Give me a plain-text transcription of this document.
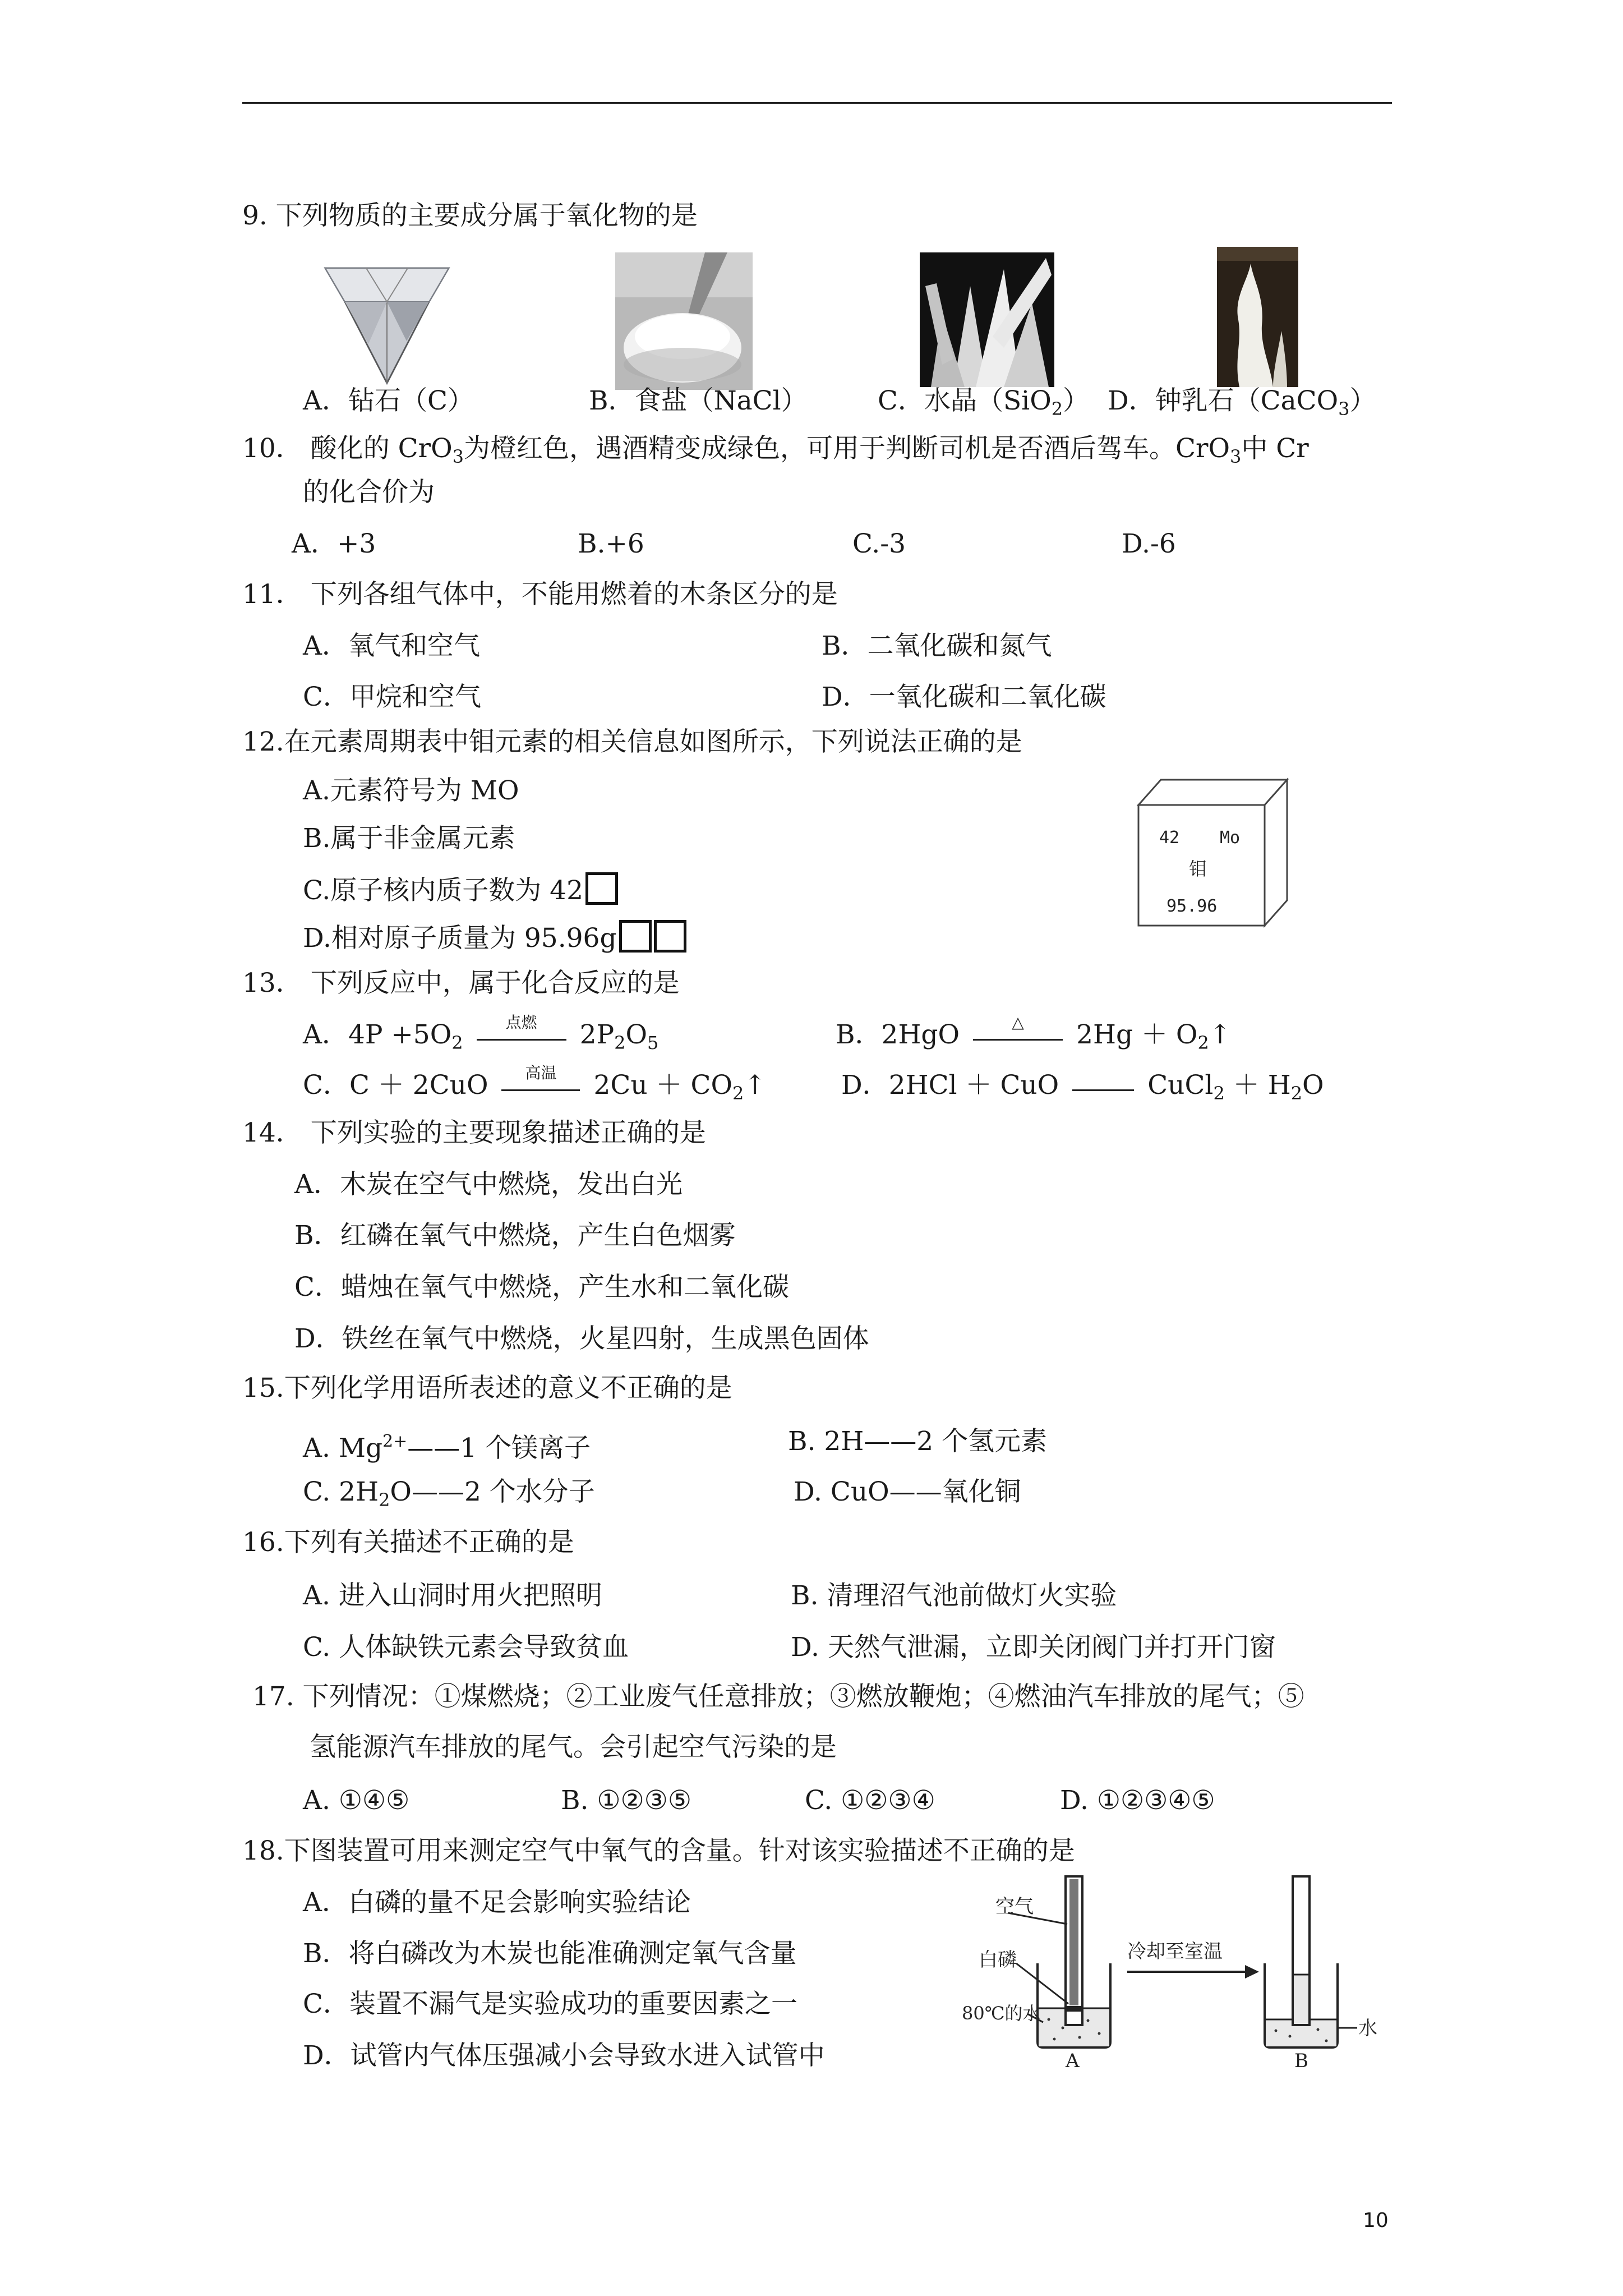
9. 下列物质的主要成分属于氧化物的是
A．钻石（C）	B．食盐（NaCl）	C．水晶（SiO$_2$） D．钟乳石（CaCO$_3$）
10． 酸化的 CrO$_3$为橙红色，遇酒精变成绿色，可用于判断司机是否酒后驾车。CrO$_3$中 Cr
的化合价为
A．+3	B.+6	C.-3	D.-6
11． 下列各组气体中，不能用燃着的木条区分的是
A．氧气和空气	B．二氧化碳和氮气
C．甲烷和空气	D．一氧化碳和二氧化碳
12.在元素周期表中钼元素的相关信息如图所示，下列说法正确的是
A.元素符号为 MO
B.属于非金属元素
C.原子核内质子数为 42
D.相对原子质量为 95.96g
42 Mo
钼
95.96
13． 下列反应中，属于化合反应的是
A．$4P +5O_2$
点燃	$2P_2O_5$	B．2HgO	△	$2Hg + O_2↑$
C．C ＋ 2CuO	高温	$2Cu + CO_2↑$	D．2HCl ＋ CuO	CuCl$_2$ ＋ $H_2O$
14． 下列实验的主要现象描述正确的是
A．木炭在空气中燃烧，发出白光
B．红磷在氧气中燃烧，产生白色烟雾
C．蜡烛在氧气中燃烧，产生水和二氧化碳
D．铁丝在氧气中燃烧，火星四射，生成黑色固体
15.下列化学用语所表述的意义不正确的是
A. $Mg^{2+}——1$ 个镁离子	B. 2H——2 个氢元素
C. $2H_2O——2$ 个水分子	D. CuO——氧化铜
16.下列有关描述不正确的是
A. 进入山洞时用火把照明	B. 清理沼气池前做灯火实验
C. 人体缺铁元素会导致贫血	D. 天然气泄漏，立即关闭阀门并打开门窗
17. 下列情况：①煤燃烧；②工业废气任意排放；③燃放鞭炮；④燃油汽车排放的尾气；⑤
氢能源汽车排放的尾气。会引起空气污染的是
A. ①④⑤	B. ①②③⑤	C. ①②③④	D. ①②③④⑤
18.下图装置可用来测定空气中氧气的含量。针对该实验描述不正确的是
A．白磷的量不足会影响实验结论
B．将白磷改为木炭也能准确测定氧气含量
C．装置不漏气是实验成功的重要因素之一
D．试管内气体压强减小会导致水进入试管中
空气
白磷
80℃的水
A
冷却至室温
水
B
10
